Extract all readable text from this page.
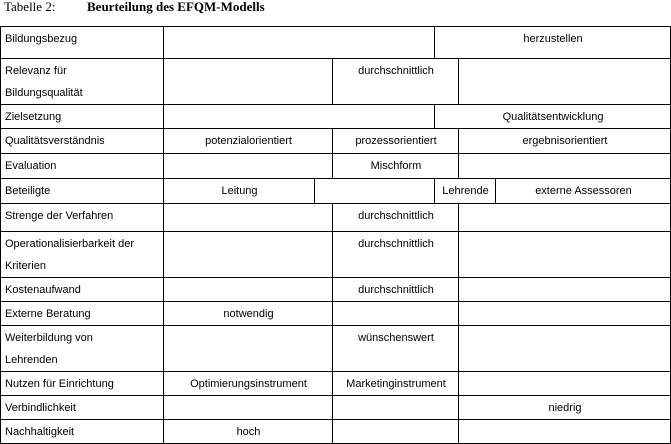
Tabelle 2: Beurteilung des EFQM-Modells
Bildungsbezug				herzustellen		

Relevanz für
Bildungsqualität			durchschnittlich			
Zielsetzung				Qualitätsentwicklung		
Qualitätsverständnis	potenzialorientiert		prozessorientiert		ergebnisorientiert	
Evaluation			Mischform			
Beteiligte	Leitung			Lehrende		externe Assessoren
Strenge der Verfahren			durchschnittlich			

Operationalisierbarkeit der
Kriterien			durchschnittlich			
Kostenaufwand			durchschnittlich			
Externe Beratung	notwendig					

Weiterbildung von
Lehrenden			wünschenswert			
Nutzen für Einrichtung	Optimierungsinstrument		Marketinginstrument			
Verbindlichkeit					niedrig	
Nachhaltigkeit	hoch					
